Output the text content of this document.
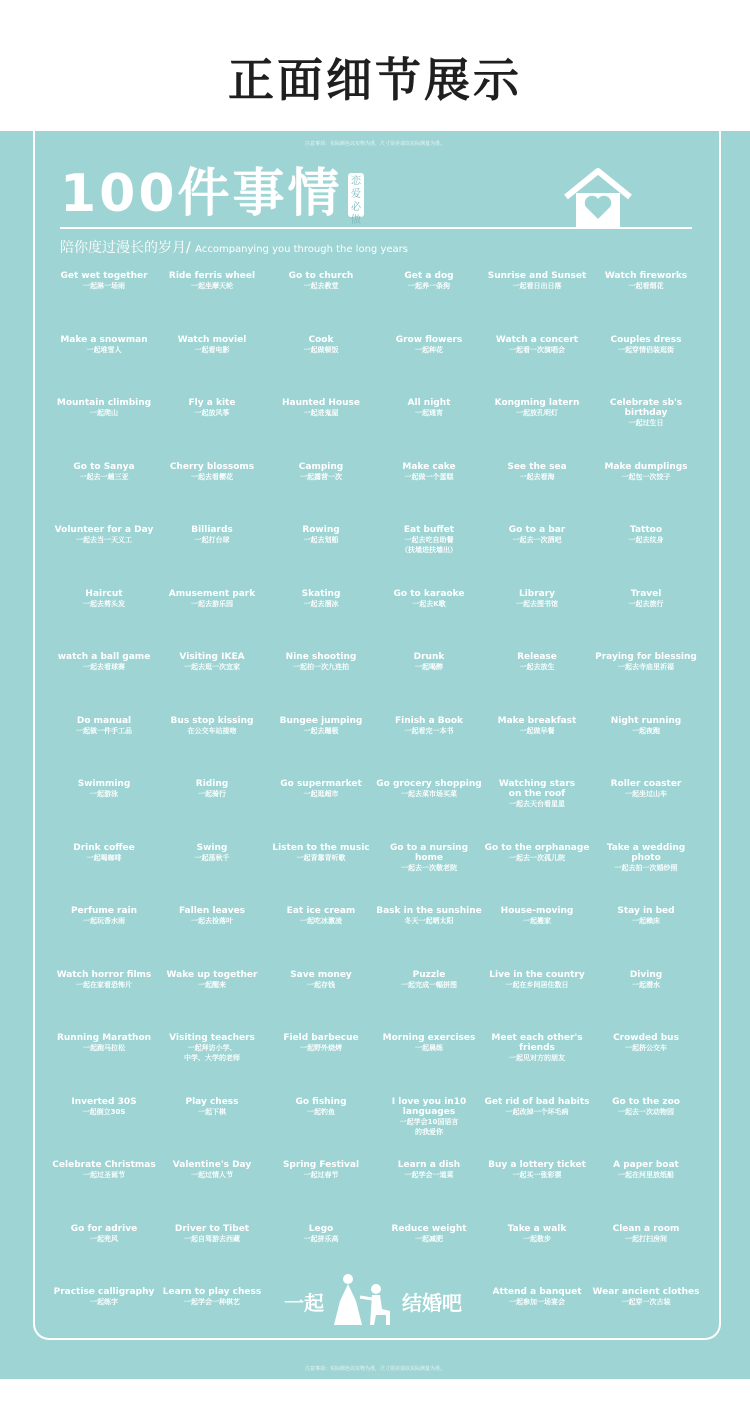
正面细节展示
注意事项：实际颜色以实物为准，尺寸误差请以实际测量为准。
100件事情 恋爱必做
陪你度过漫长的岁月/ Accompanying you through the long years
Get wet together
一起淋一场雨
Ride ferris wheel
一起坐摩天轮
Go to church
一起去教堂
Get a dog
一起养一条狗
Sunrise and Sunset
一起看日出日落
Watch fireworks
一起看烟花
Make a snowman
一起堆雪人
Watch moviel
一起看电影
Cook
一起做顿饭
Grow flowers
一起种花
Watch a concert
一起看一次演唱会
Couples dress
一起穿情侣装逛街
Mountain climbing
一起爬山
Fly a kite
一起放风筝
Haunted House
一起进鬼屋
All night
一起通宵
Kongming latern
一起放孔明灯
Celebrate sb's birthday
一起过生日
Go to Sanya
一起去一趟三亚
Cherry blossoms
一起去看樱花
Camping
一起露营一次
Make cake
一起做一个蛋糕
See the sea
一起去看海
Make dumplings
一起包一次饺子
Volunteer for a Day
一起去当一天义工
Billiards
一起打台球
Rowing
一起去划船
Eat buffet
一起去吃自助餐
（扶墙进扶墙出）
Go to a bar
一起去一次酒吧
Tattoo
一起去纹身
Haircut
一起去剪头发
Amusement park
一起去游乐园
Skating
一起去溜冰
Go to karaoke
一起去K歌
Library
一起去图书馆
Travel
一起去旅行
watch a ball game
一起去看球赛
Visiting IKEA
一起去逛一次宜家
Nine shooting
一起拍一次九连拍
Drunk
一起喝醉
Release
一起去放生
Praying for blessing
一起去寺庙里祈福
Do manual
一起做一件手工品
Bus stop kissing
在公交车站接吻
Bungee jumping
一起去蹦极
Finish a Book
一起看完一本书
Make breakfast
一起做早餐
Night running
一起夜跑
Swimming
一起游泳
Riding
一起骑行
Go supermarket
一起逛超市
Go grocery shopping
一起去菜市场买菜
Watching stars
on the roof
一起去天台看星星
Roller coaster
一起坐过山车
Drink coffee
一起喝咖啡
Swing
一起荡秋千
Listen to the music
一起背靠背听歌
Go to a nursing home
一起去一次敬老院
Go to the orphanage
一起去一次孤儿院
Take a wedding photo
一起去拍一次婚纱照
Perfume rain
一起玩香水雨
Fallen leaves
一起去捡落叶
Eat ice cream
一起吃冰激凌
Bask in the sunshine
冬天一起晒太阳
House-moving
一起搬家
Stay in bed
一起赖床
Watch horror films
一起在家看恐怖片
Wake up together
一起醒来
Save money
一起存钱
Puzzle
一起完成一幅拼图
Live in the country
一起在乡间居住数日
Diving
一起潜水
Running Marathon
一起跑马拉松
Visiting teachers
一起拜访小学、
中学、大学的老师
Field barbecue
一起野外烧烤
Morning exercises
一起晨练
Meet each other's
friends
一起见对方的朋友
Crowded bus
一起挤公交车
Inverted 30S
一起倒立30S
Play chess
一起下棋
Go fishing
一起钓鱼
I love you in10
languages
一起学会10国语言
的我爱你
Get rid of bad habits
一起改掉一个坏毛病
Go to the zoo
一起去一次动物园
Celebrate Christmas
一起过圣诞节
Valentine's Day
一起过情人节
Spring Festival
一起过春节
Learn a dish
一起学会一道菜
Buy a lottery ticket
一起买一张彩票
A paper boat
一起在河里放纸船
Go for adrive
一起兜风
Driver to Tibet
一起自驾游去西藏
Lego
一起拼乐高
Reduce weight
一起减肥
Take a walk
一起散步
Clean a room
一起打扫房间
Practise calligraphy
一起练字
Learn to play chess
一起学会一种棋艺
Attend a banquet
一起参加一场宴会
Wear ancient clothes
一起穿一次古装
一起	结婚吧
注意事项：实际颜色以实物为准，尺寸误差请以实际测量为准。
